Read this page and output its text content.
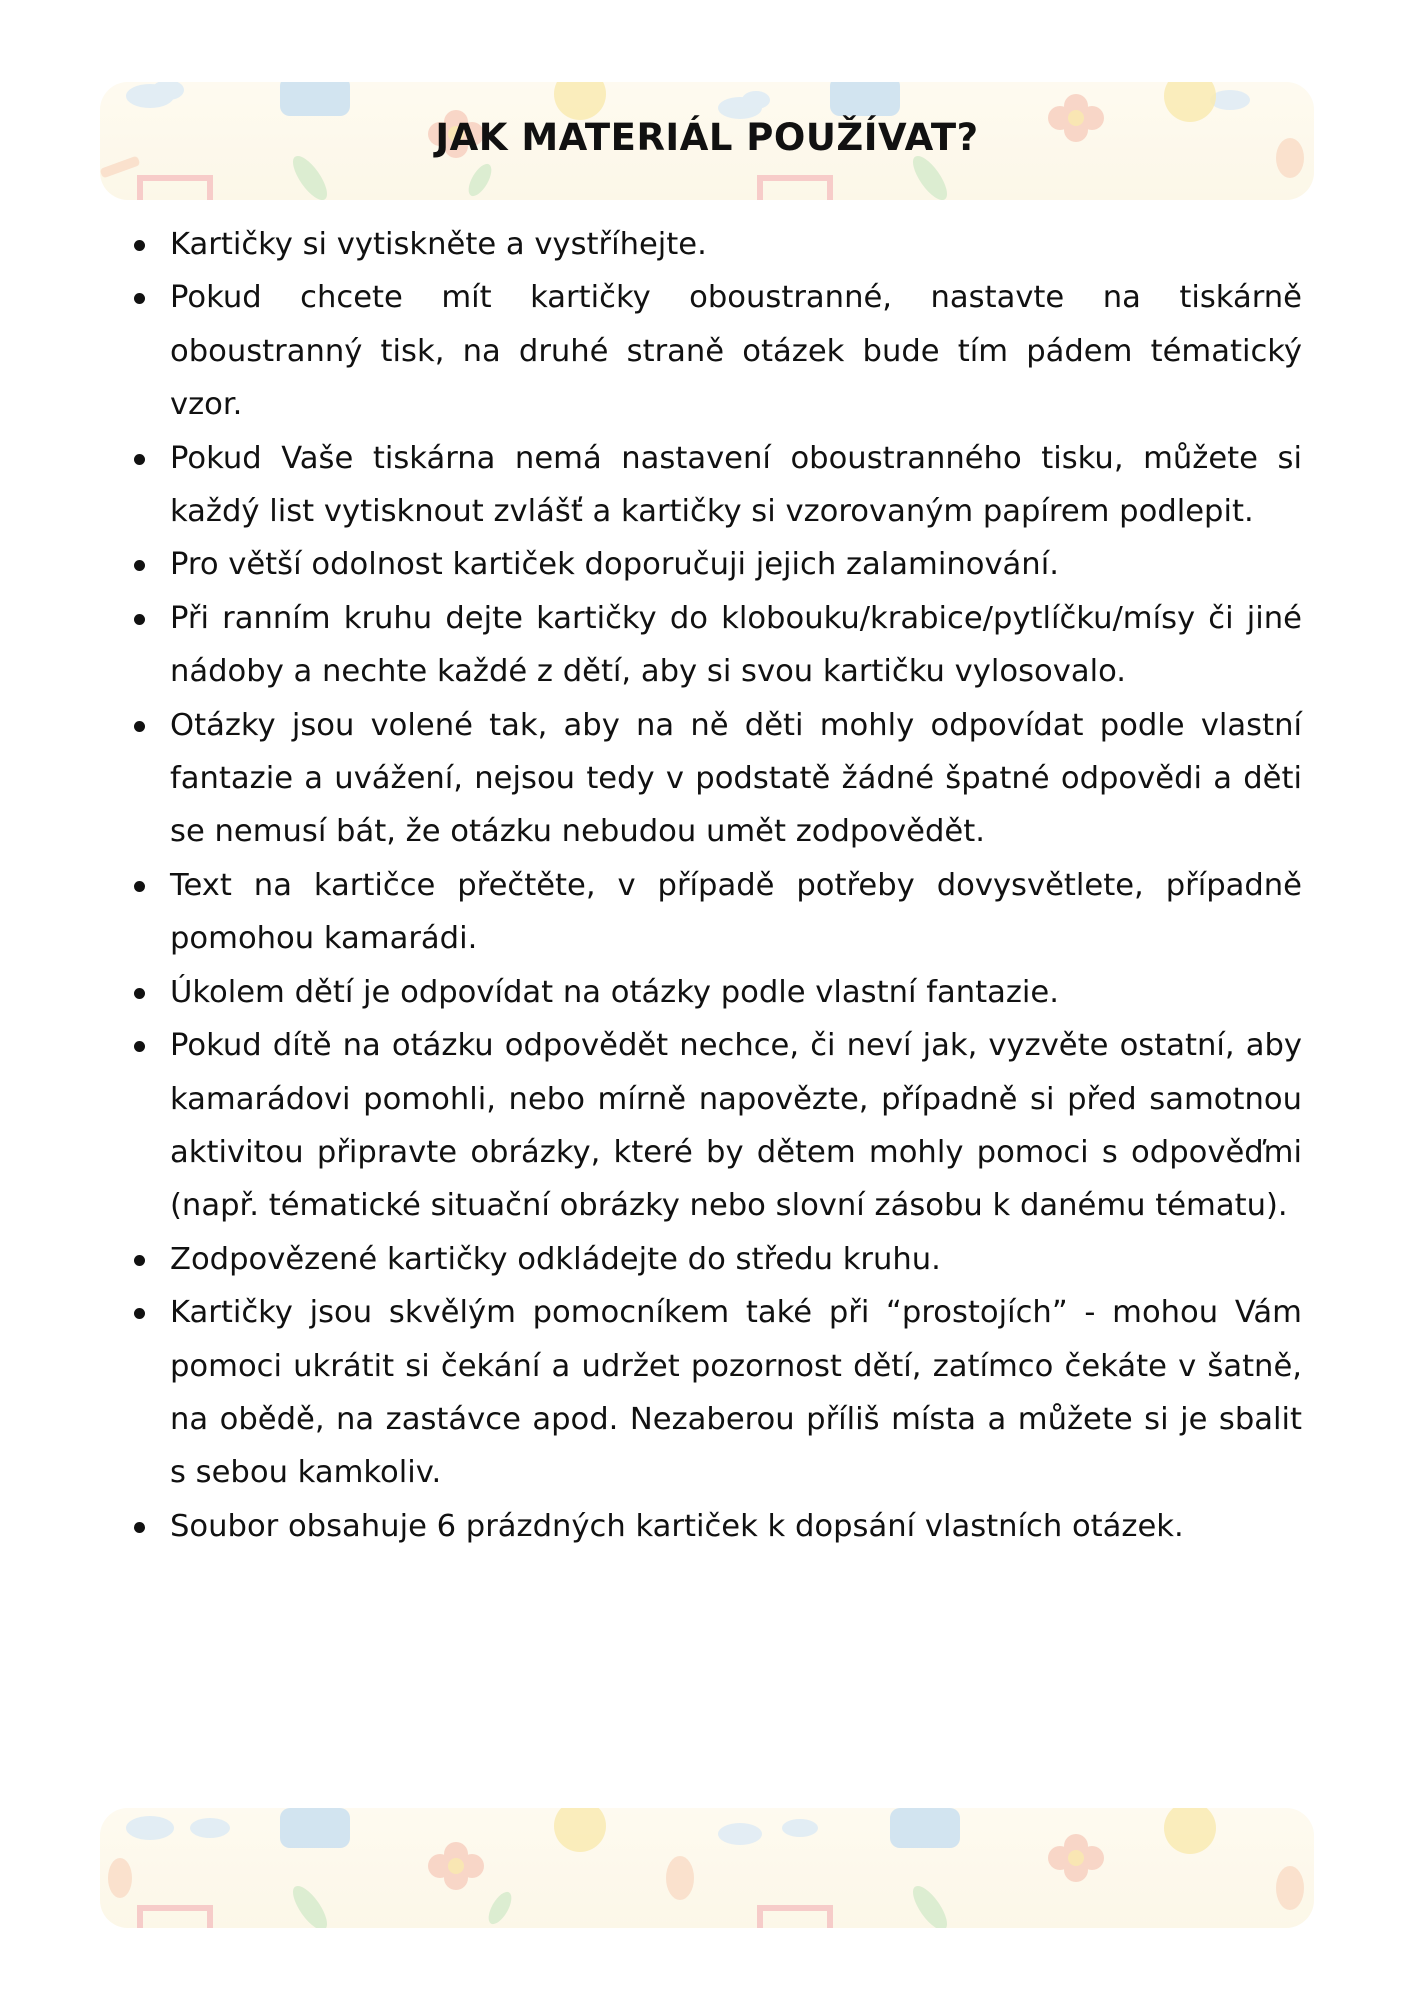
JAK MATERIÁL POUŽÍVAT?
Kartičky si vytiskněte a vystříhejte.
Pokud chcete mít kartičky oboustranné, nastavte na tiskárně oboustranný tisk, na druhé straně otázek bude tím pádem tématický vzor.
Pokud Vaše tiskárna nemá nastavení oboustranného tisku, můžete si každý list vytisknout zvlášť a kartičky si vzorovaným papírem podlepit.
Pro větší odolnost kartiček doporučuji jejich zalaminování.
Při ranním kruhu dejte kartičky do klobouku/krabice/pytlíčku/mísy či jiné nádoby a nechte každé z dětí, aby si svou kartičku vylosovalo.
Otázky jsou volené tak, aby na ně děti mohly odpovídat podle vlastní fantazie a uvážení, nejsou tedy v podstatě žádné špatné odpovědi a děti se nemusí bát, že otázku nebudou umět zodpovědět.
Text na kartičce přečtěte, v případě potřeby dovysvětlete, případně pomohou kamarádi.
Úkolem dětí je odpovídat na otázky podle vlastní fantazie.
Pokud dítě na otázku odpovědět nechce, či neví jak, vyzvěte ostatní, aby kamarádovi pomohli, nebo mírně napovězte, případně si před samotnou aktivitou připravte obrázky, které by dětem mohly pomoci s odpověďmi (např. tématické situační obrázky nebo slovní zásobu k danému tématu).
Zodpovězené kartičky odkládejte do středu kruhu.
Kartičky jsou skvělým pomocníkem také při “prostojích” - mohou Vám pomoci ukrátit si čekání a udržet pozornost dětí, zatímco čekáte v šatně, na obědě, na zastávce apod. Nezaberou příliš místa a můžete si je sbalit s sebou kamkoliv.
Soubor obsahuje 6 prázdných kartiček k dopsání vlastních otázek.
